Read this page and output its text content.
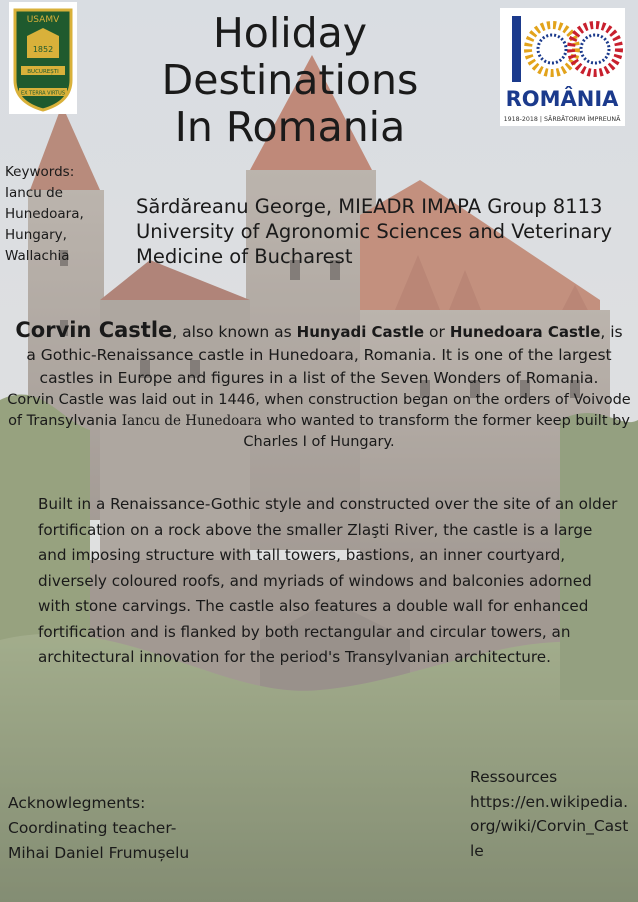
USAMV
1852
BUCUREȘTI
EX TERRA VIRTUS	ROMÂNIA
1918-2018 | SĂRBĂTORIM ÎMPREUNĂ
Holiday Destinations In Romania
Keywords:
Iancu de Hunedoara, Hungary, Wallachia
Sărdăreanu George, MIEADR IMAPA Group 8113 University of Agronomic Sciences and Veterinary Medicine of Bucharest
Corvin Castle, also known as Hunyadi Castle or Hunedoara Castle, is
a Gothic-Renaissance castle in Hunedoara, Romania. It is one of the largest castles in Europe and figures in a list of the Seven Wonders of Romania.
Corvin Castle was laid out in 1446, when construction began on the orders of Voivode of Transylvania Iancu de Hunedoara who wanted to transform the former keep built by Charles I of Hungary.
Built in a Renaissance-Gothic style and constructed over the site of an older fortification on a rock above the smaller Zlaşti River, the castle is a large and imposing structure with tall towers, bastions, an inner courtyard, diversely coloured roofs, and myriads of windows and balconies adorned with stone carvings. The castle also features a double wall for enhanced fortification and is flanked by both rectangular and circular towers, an architectural innovation for the period's Transylvanian architecture.
Acknowlegments:
Coordinating teacher-
Mihai Daniel Frumușelu
Ressources
https://en.wikipedia.org/wiki/Corvin_Castle
